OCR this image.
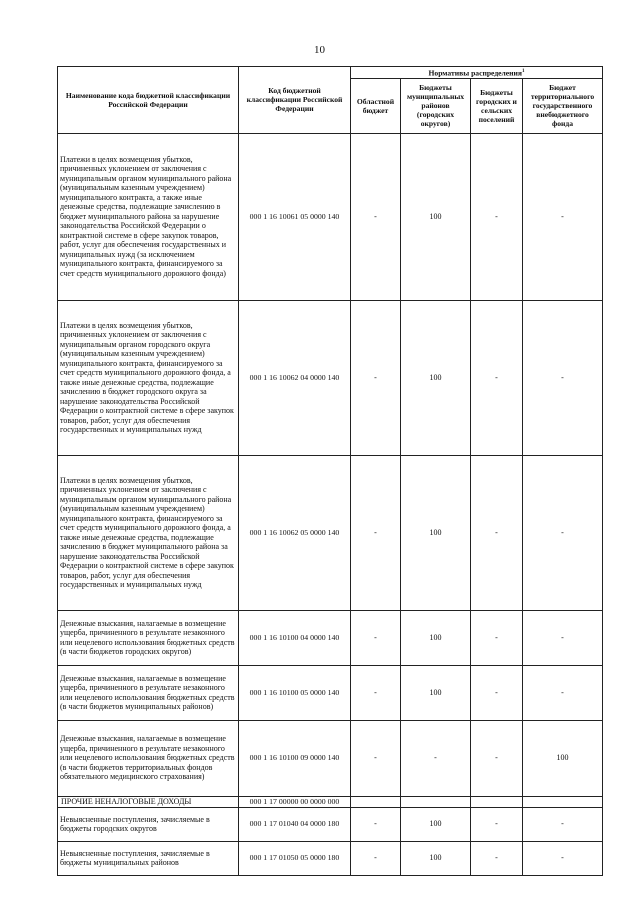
10
Наименование кода бюджетной классификации Российской Федерации	Код бюджетной классификации Российской Федерации	Нормативы распределения$^1$
		Областной бюджет	Бюджеты муниципальных районов (городских округов)	Бюджеты городских и сельских поселений	Бюджет территориального государственного внебюджетного фонда
Платежи в целях возмещения убытков, причиненных уклонением от заключения с муниципальным органом муниципального района (муниципальным казенным учреждением) муниципального контракта, а также иные денежные средства, подлежащие зачислению в бюджет муниципального района за нарушение законодательства Российской Федерации о контрактной системе в сфере закупок товаров, работ, услуг для обеспечения государственных и муниципальных нужд (за исключением муниципального контракта, финансируемого за счет средств муниципального дорожного фонда)	000 1 16 10061 05 0000 140	-	100	-	-
Платежи в целях возмещения убытков, причиненных уклонением от заключения с муниципальным органом городского округа (муниципальным казенным учреждением) муниципального контракта, финансируемого за счет средств муниципального дорожного фонда, а также иные денежные средства, подлежащие зачислению в бюджет городского округа за нарушение законодательства Российской Федерации о контрактной системе в сфере закупок товаров, работ, услуг для обеспечения государственных и муниципальных нужд	000 1 16 10062 04 0000 140	-	100	-	-
Платежи в целях возмещения убытков, причиненных уклонением от заключения с муниципальным органом муниципального района (муниципальным казенным учреждением) муниципального контракта, финансируемого за счет средств муниципального дорожного фонда, а также иные денежные средства, подлежащие зачислению в бюджет муниципального района за нарушение законодательства Российской Федерации о контрактной системе в сфере закупок товаров, работ, услуг для обеспечения государственных и муниципальных нужд	000 1 16 10062 05 0000 140	-	100	-	-
Денежные взыскания, налагаемые в возмещение ущерба, причиненного в результате незаконного или нецелевого использования бюджетных средств (в части бюджетов городских округов)	000 1 16 10100 04 0000 140	-	100	-	-
Денежные взыскания, налагаемые в возмещение ущерба, причиненного в результате незаконного или нецелевого использования бюджетных средств (в части бюджетов муниципальных районов)	000 1 16 10100 05 0000 140	-	100	-	-
Денежные взыскания, налагаемые в возмещение ущерба, причиненного в результате незаконного или нецелевого использования бюджетных средств (в части бюджетов территориальных фондов обязательного медицинского страхования)	000 1 16 10100 09 0000 140	-	-	-	100
ПРОЧИЕ НЕНАЛОГОВЫЕ ДОХОДЫ	000 1 17 00000 00 0000 000				
Невыясненные поступления, зачисляемые в бюджеты городских округов	000 1 17 01040 04 0000 180	-	100	-	-
Невыясненные поступления, зачисляемые в бюджеты муниципальных районов	000 1 17 01050 05 0000 180	-	100	-	-
